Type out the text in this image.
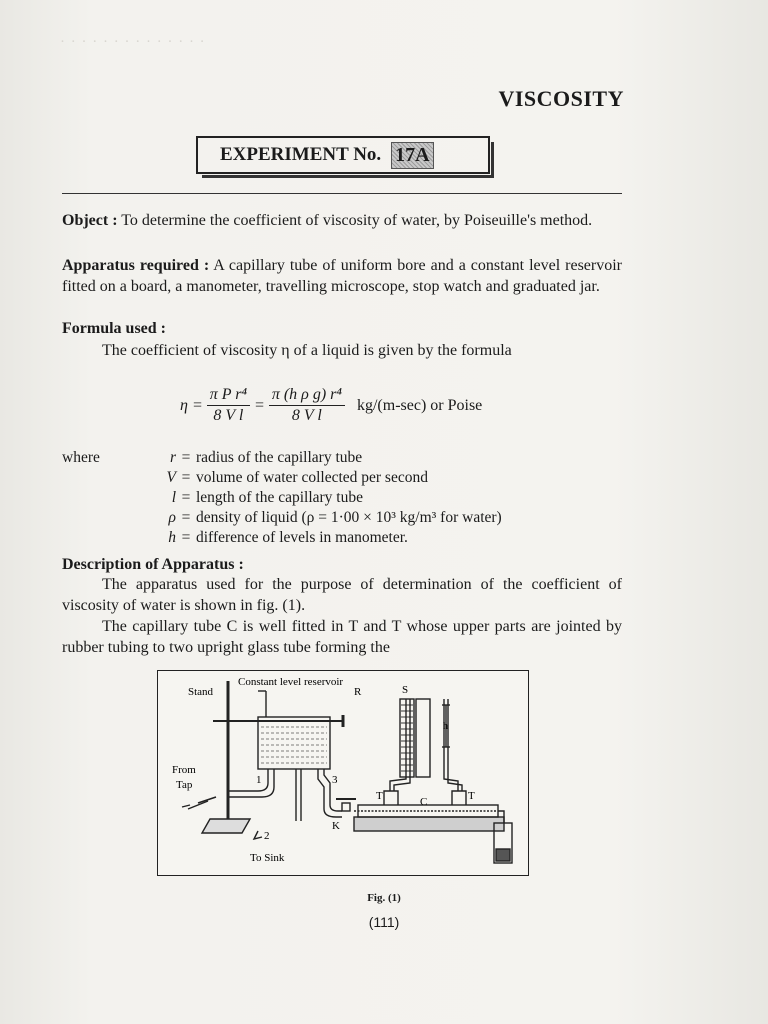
· · · · · · · · · · · · · ·
VISCOSITY
EXPERIMENT No. 17A
Object : To determine the coefficient of viscosity of water, by Poiseuille's method.
Apparatus required : A capillary tube of uniform bore and a constant level reservoir fitted on a board, a manometer, travelling microscope, stop watch and graduated jar.
Formula used :
The coefficient of viscosity η of a liquid is given by the formula
$\eta = \frac{\text{π P r⁴}}{\text{8 V l}} = \frac{\text{π (h ρ g) r⁴}}{\text{8 V l}} kg/(m-\sec)$ or Poise
where	r = radius of the capillary tube
V = volume of water collected per second
l = length of the capillary tube
ρ = density of liquid (ρ = 1·00 × 10³ kg/m³ for water)
h = difference of levels in manometer.
Description of Apparatus :
The apparatus used for the purpose of determination of the coefficient of viscosity of water is shown in fig. (1).
The capillary tube C is well fitted in T and T whose upper parts are jointed by rubber tubing to two upright glass tube forming the
Constant level reservoir
Stand	R	S
h
From
Tap	1
2
3
T	T
C
K
To Sink
Fig. (1)
(111)
